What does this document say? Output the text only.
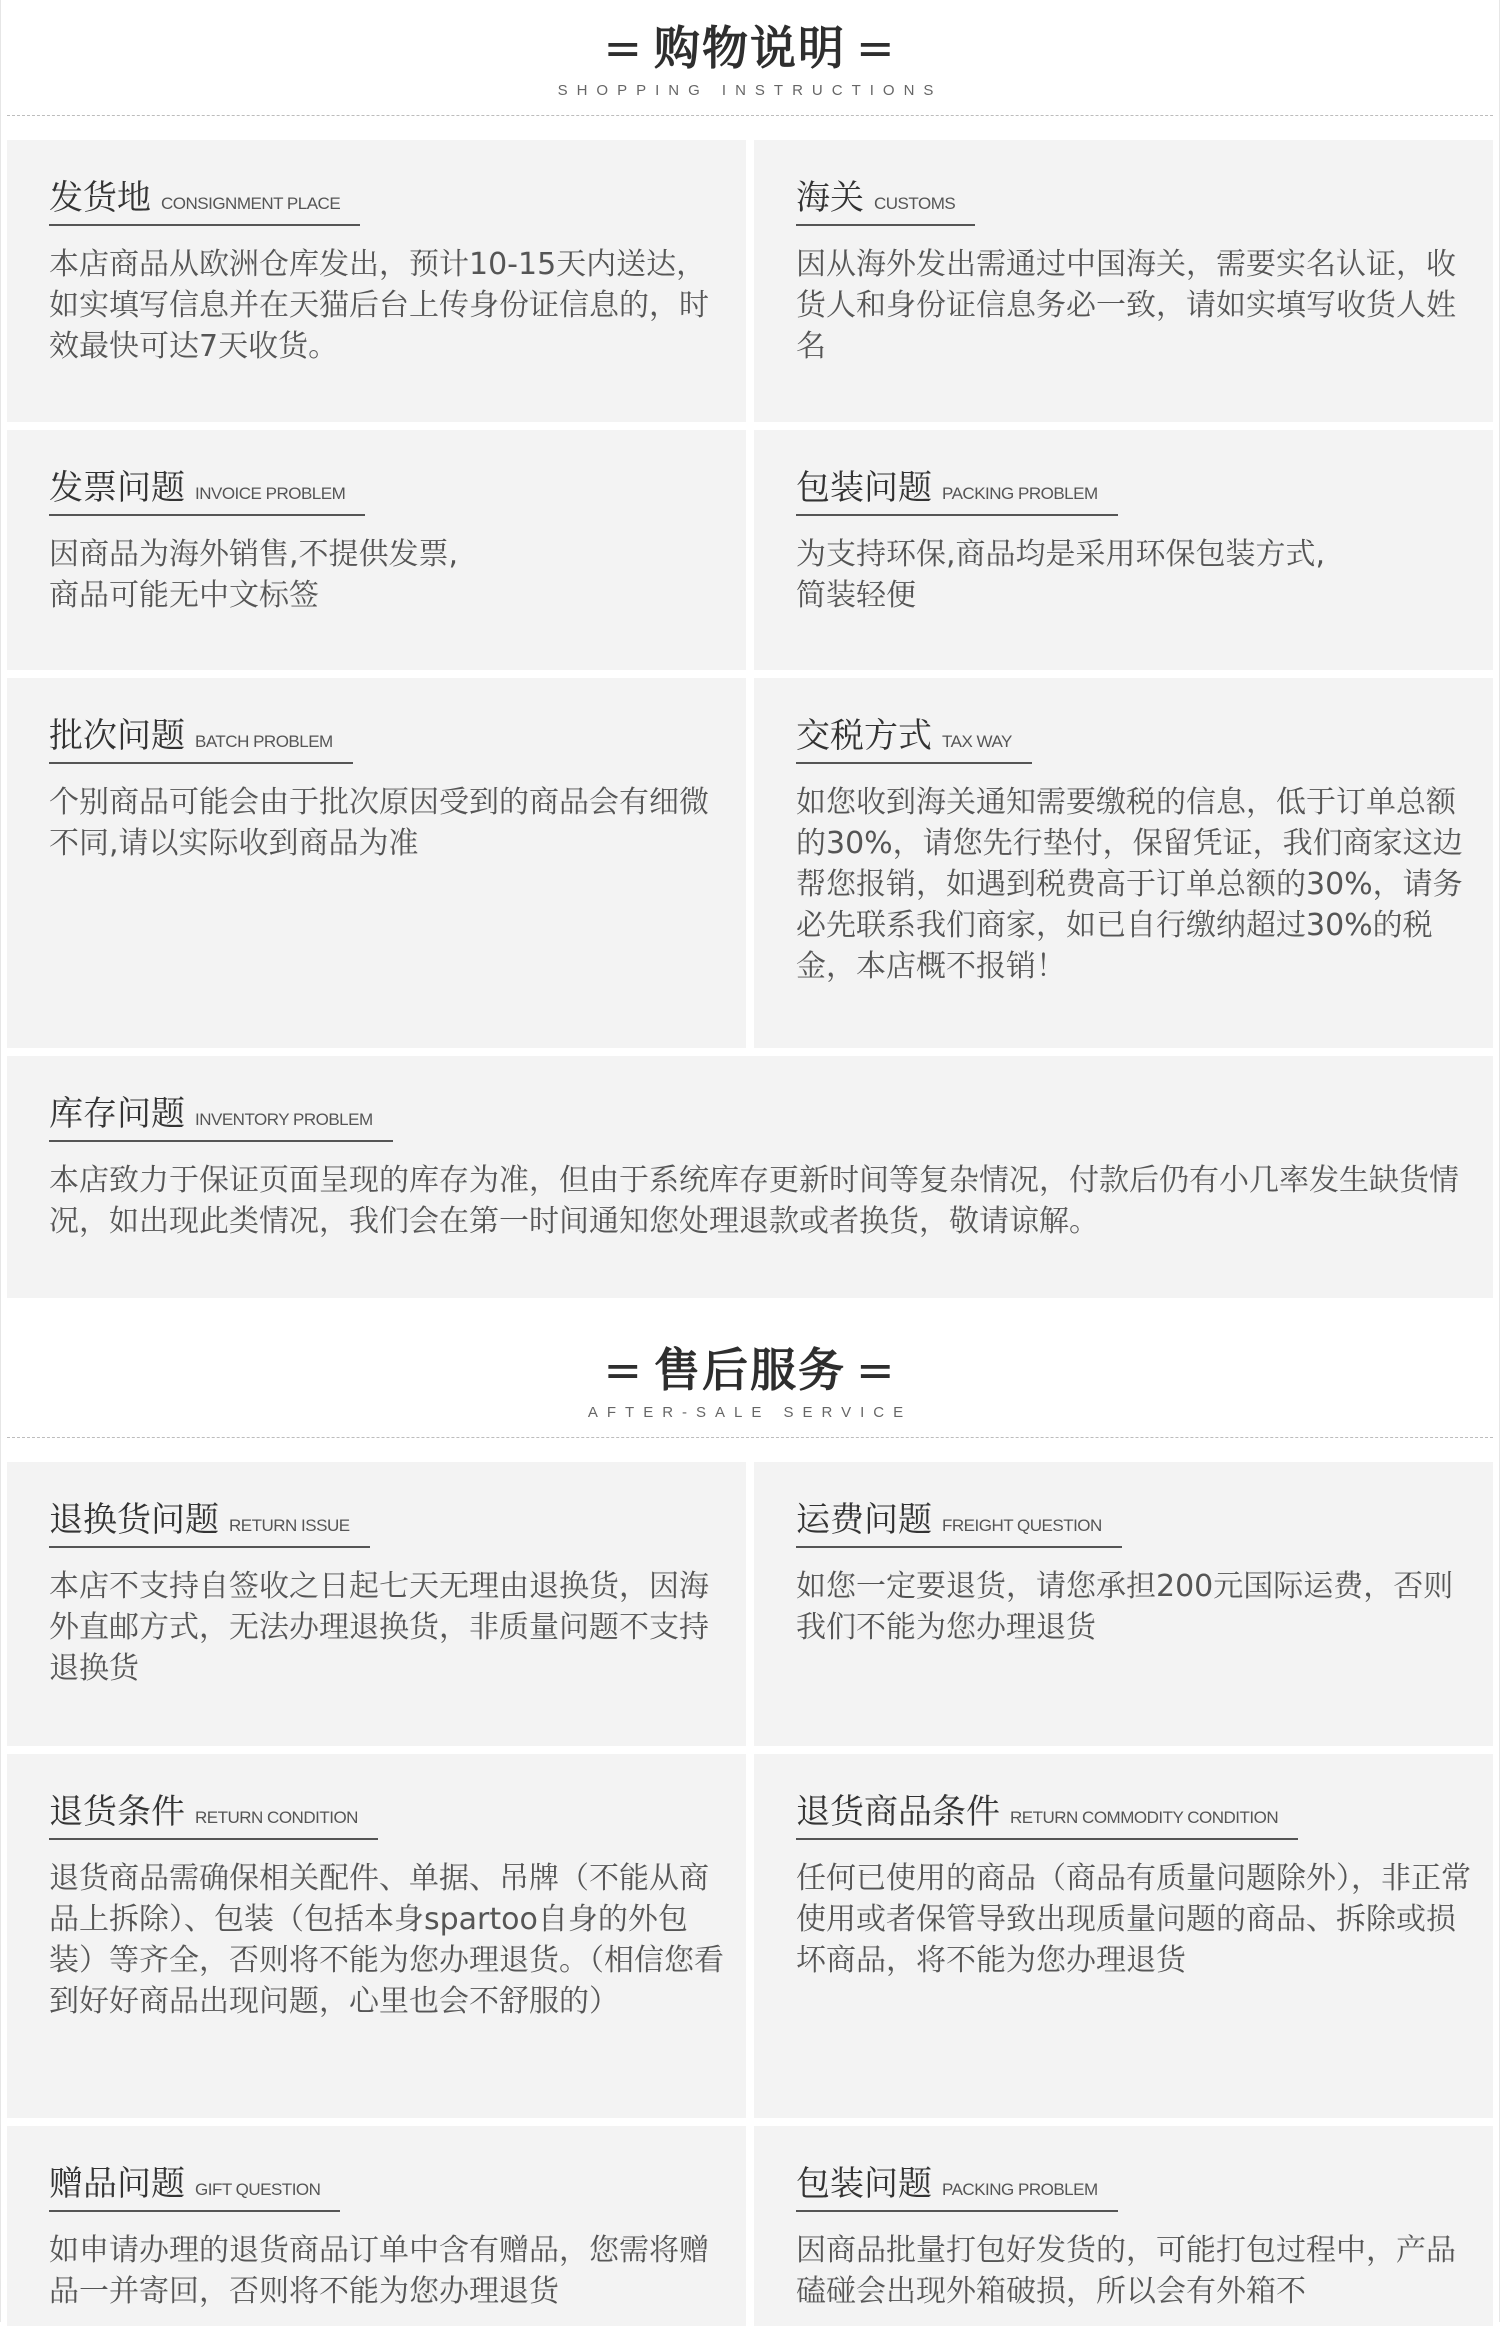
= 购物说明 =
SHOPPING INSTRUCTIONS
发货地 CONSIGNMENT PLACE
本店商品从欧洲仓库发出，预计10-15天内送达，如实填写信息并在天猫后台上传身份证信息的，时效最快可达7天收货。
海关 CUSTOMS
因从海外发出需通过中国海关，需要实名认证，收货人和身份证信息务必一致，请如实填写收货人姓名
发票问题 INVOICE PROBLEM
因商品为海外销售,不提供发票,
商品可能无中文标签
包装问题 PACKING PROBLEM
为支持环保,商品均是采用环保包装方式,
简装轻便
批次问题 BATCH PROBLEM
个别商品可能会由于批次原因受到的商品会有细微不同,请以实际收到商品为准
交税方式 TAX WAY
如您收到海关通知需要缴税的信息，低于订单总额的30%，请您先行垫付，保留凭证，我们商家这边帮您报销，如遇到税费高于订单总额的30%，请务必先联系我们商家，如已自行缴纳超过30%的税金，本店概不报销！
库存问题 INVENTORY PROBLEM
本店致力于保证页面呈现的库存为准，但由于系统库存更新时间等复杂情况，付款后仍有小几率发生缺货情况，如出现此类情况，我们会在第一时间通知您处理退款或者换货，敬请谅解。
= 售后服务 =
AFTER-SALE SERVICE
退换货问题 RETURN ISSUE
本店不支持自签收之日起七天无理由退换货，因海外直邮方式，无法办理退换货，非质量问题不支持退换货
运费问题 FREIGHT QUESTION
如您一定要退货，请您承担200元国际运费，否则我们不能为您办理退货
退货条件 RETURN CONDITION
退货商品需确保相关配件、单据、吊牌（不能从商品上拆除）、包装（包括本身spartoo自身的外包装）等齐全，否则将不能为您办理退货。（相信您看到好好商品出现问题，心里也会不舒服的）
退货商品条件 RETURN COMMODITY CONDITION
任何已使用的商品（商品有质量问题除外），非正常使用或者保管导致出现质量问题的商品、拆除或损坏商品，将不能为您办理退货
赠品问题 GIFT QUESTION
如申请办理的退货商品订单中含有赠品，您需将赠品一并寄回，否则将不能为您办理退货
包装问题 PACKING PROBLEM
因商品批量打包好发货的，可能打包过程中，产品磕碰会出现外箱破损，所以会有外箱不
